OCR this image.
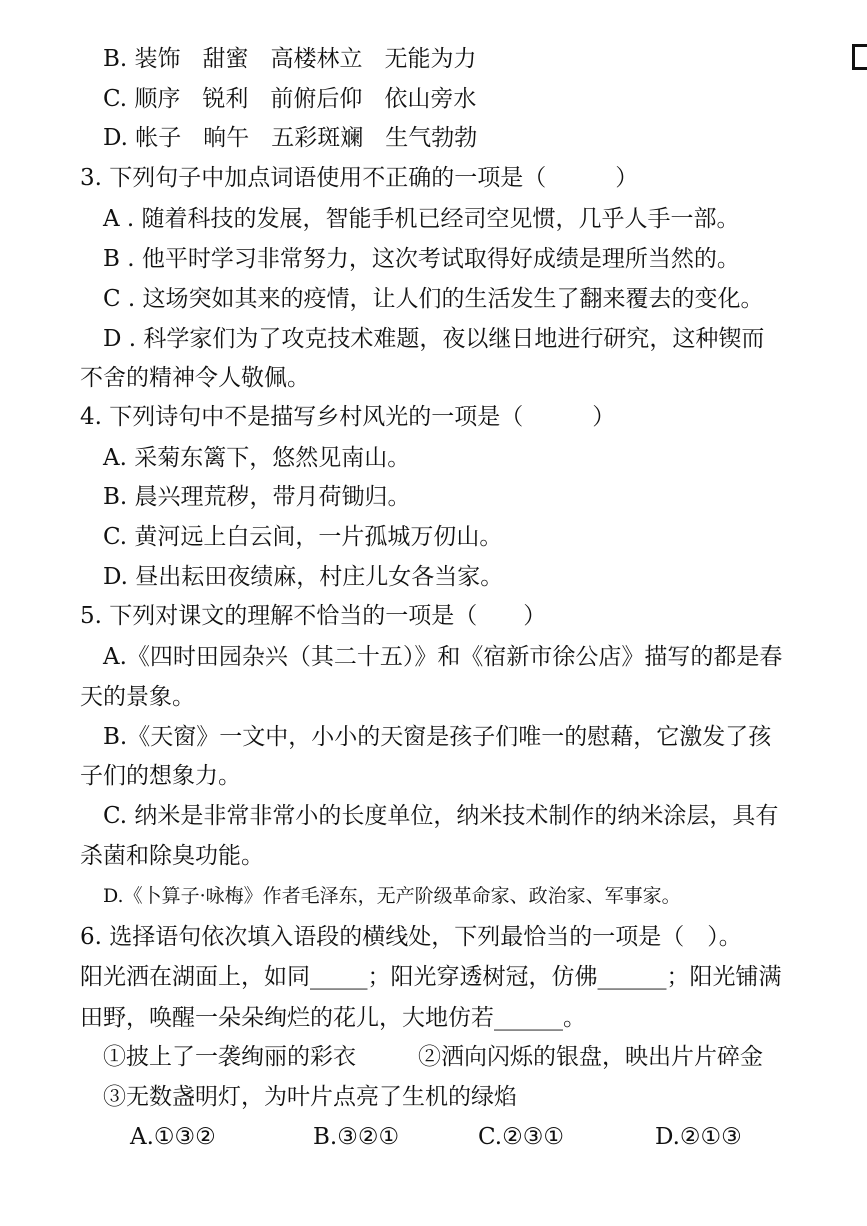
B. 装饰 甜蜜 高楼林立 无能为力
C. 顺序 锐利 前俯后仰 依山旁水
D. 帐子 晌午 五彩斑斓 生气勃勃
3. 下列句子中加点词语使用不正确的一项是（　　　）
A . 随着科技的发展，智能手机已经司空见惯，几乎人手一部。
B . 他平时学习非常努力，这次考试取得好成绩是理所当然的。
C . 这场突如其来的疫情，让人们的生活发生了翻来覆去的变化。
D . 科学家们为了攻克技术难题，夜以继日地进行研究，这种锲而
不舍的精神令人敬佩。
4. 下列诗句中不是描写乡村风光的一项是（　　　）
A. 采菊东篱下，悠然见南山。
B. 晨兴理荒秽，带月荷锄归。
C. 黄河远上白云间，一片孤城万仞山。
D. 昼出耘田夜绩麻，村庄儿女各当家。
5. 下列对课文的理解不恰当的一项是（　　）
A.《四时田园杂兴（其二十五）》和《宿新市徐公店》描写的都是春
天的景象。
B.《天窗》一文中，小小的天窗是孩子们唯一的慰藉，它激发了孩
子们的想象力。
C. 纳米是非常非常小的长度单位，纳米技术制作的纳米涂层，具有
杀菌和除臭功能。
D.《卜算子·咏梅》作者毛泽东，无产阶级革命家、政治家、军事家。
6. 选择语句依次填入语段的横线处，下列最恰当的一项是（　）。
阳光洒在湖面上，如同_____；阳光穿透树冠，仿佛______；阳光铺满
田野，唤醒一朵朵绚烂的花儿，大地仿若______。
①披上了一袭绚丽的彩衣	②洒向闪烁的银盘，映出片片碎金
③无数盏明灯，为叶片点亮了生机的绿焰
A.①③②	B.③②①	C.②③①	D.②①③
